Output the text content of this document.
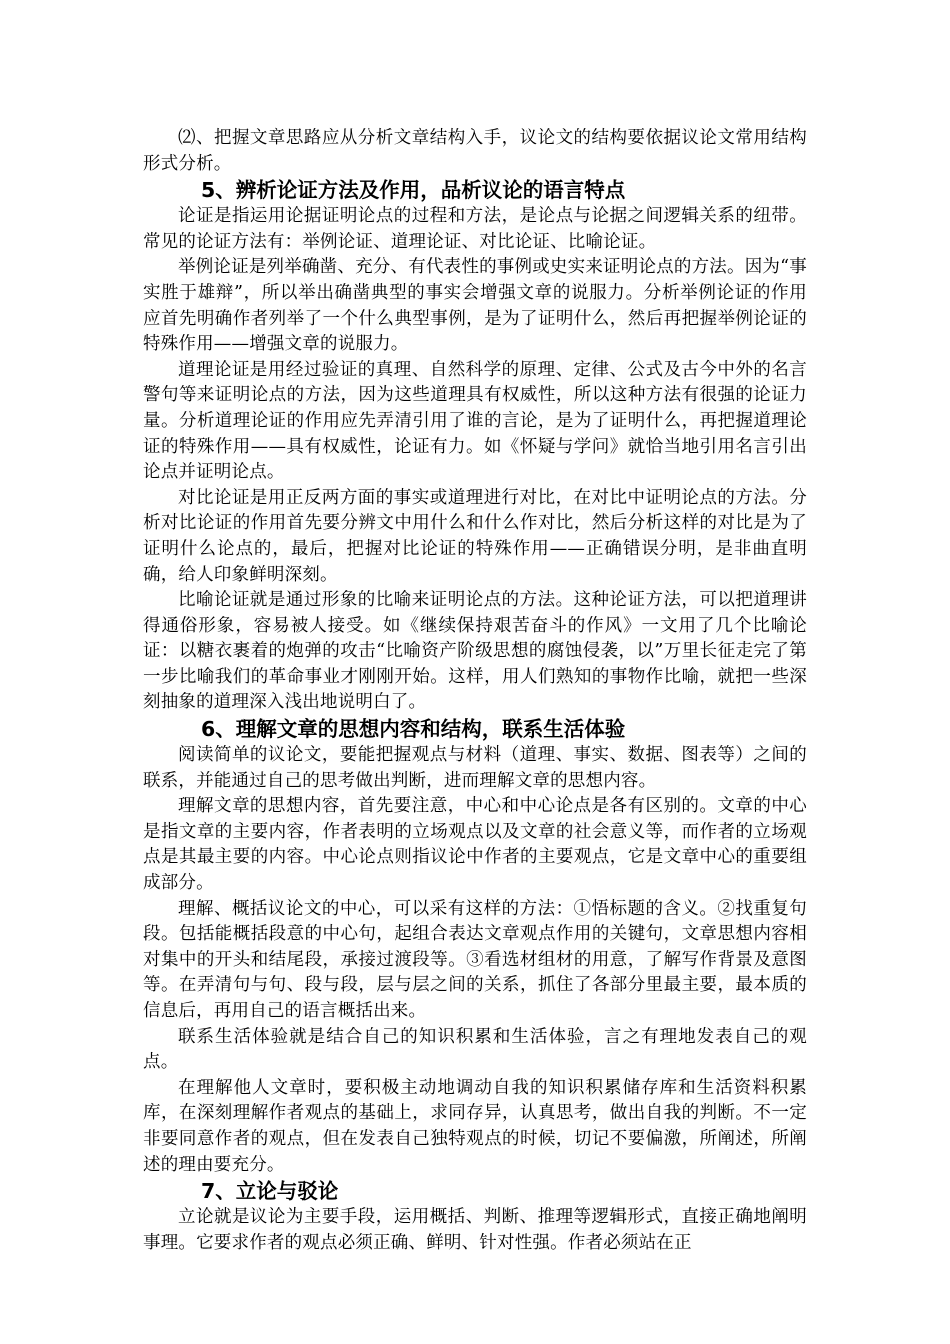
⑵、把握文章思路应从分析文章结构入手，议论文的结构要依据议论文常用结构形式分析。

5、辨析论证方法及作用，品析议论的语言特点

论证是指运用论据证明论点的过程和方法，是论点与论据之间逻辑关系的纽带。常见的论证方法有：举例论证、道理论证、对比论证、比喻论证。

举例论证是列举确凿、充分、有代表性的事例或史实来证明论点的方法。因为“事实胜于雄辩”，所以举出确凿典型的事实会增强文章的说服力。分析举例论证的作用应首先明确作者列举了一个什么典型事例，是为了证明什么，然后再把握举例论证的特殊作用——增强文章的说服力。

道理论证是用经过验证的真理、自然科学的原理、定律、公式及古今中外的名言警句等来证明论点的方法，因为这些道理具有权威性，所以这种方法有很强的论证力量。分析道理论证的作用应先弄清引用了谁的言论，是为了证明什么，再把握道理论证的特殊作用——具有权威性，论证有力。如《怀疑与学问》就恰当地引用名言引出论点并证明论点。

对比论证是用正反两方面的事实或道理进行对比，在对比中证明论点的方法。分析对比论证的作用首先要分辨文中用什么和什么作对比，然后分析这样的对比是为了证明什么论点的，最后，把握对比论证的特殊作用——正确错误分明，是非曲直明确，给人印象鲜明深刻。

比喻论证就是通过形象的比喻来证明论点的方法。这种论证方法，可以把道理讲得通俗形象，容易被人接受。如《继续保持艰苦奋斗的作风》一文用了几个比喻论证：以糖衣裹着的炮弹的攻击“比喻资产阶级思想的腐蚀侵袭，以”万里长征走完了第一步比喻我们的革命事业才刚刚开始。这样，用人们熟知的事物作比喻，就把一些深刻抽象的道理深入浅出地说明白了。

6、理解文章的思想内容和结构，联系生活体验

阅读简单的议论文，要能把握观点与材料（道理、事实、数据、图表等）之间的联系，并能通过自己的思考做出判断，进而理解文章的思想内容。

理解文章的思想内容，首先要注意，中心和中心论点是各有区别的。文章的中心是指文章的主要内容，作者表明的立场观点以及文章的社会意义等，而作者的立场观点是其最主要的内容。中心论点则指议论中作者的主要观点，它是文章中心的重要组成部分。

理解、概括议论文的中心，可以采有这样的方法：①悟标题的含义。②找重复句段。包括能概括段意的中心句，起组合表达文章观点作用的关键句，文章思想内容相对集中的开头和结尾段，承接过渡段等。③看选材组材的用意，了解写作背景及意图等。在弄清句与句、段与段，层与层之间的关系，抓住了各部分里最主要，最本质的信息后，再用自己的语言概括出来。

联系生活体验就是结合自己的知识积累和生活体验，言之有理地发表自己的观点。

在理解他人文章时，要积极主动地调动自我的知识积累储存库和生活资料积累库，在深刻理解作者观点的基础上，求同存异，认真思考，做出自我的判断。不一定非要同意作者的观点，但在发表自己独特观点的时候，切记不要偏激，所阐述，所阐述的理由要充分。

7、立论与驳论

立论就是议论为主要手段，运用概括、判断、推理等逻辑形式，直接正确地阐明事理。它要求作者的观点必须正确、鲜明、针对性强。作者必须站在正
